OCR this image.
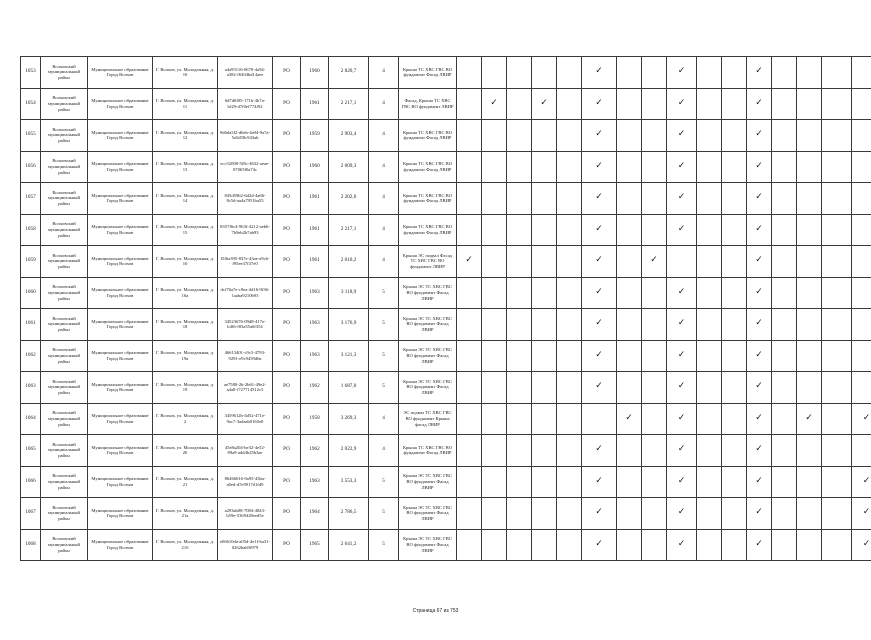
1053	Волховский муниципальный район	Муниципальное образование Город Волхов	Г. Волхов, ул. Молодежная, д. 10	a4a95116-0670-4a94-a382-f6304bd14aee	РО	1960	2 820,7	4	Крыша ТС ХВС ГВС ВО фундамент Фасад ЛВИР						✓			✓			✓				
1054	Волховский муниципальный район	Муниципальное образование Город Волхов	Г. Волхов, ул. Молодежная, д. 11	6d7d0f05-171b-4b7a-bf29-d7f0ef774f92	РО	1961	2 217,1	4	Фасад, Крыша ТС ХВС ГВС ВО фундамент ЛВИР		✓		✓		✓			✓			✓				
1055	Волховский муниципальный район	Муниципальное образование Город Волхов	Г. Волхов, ул. Молодежная, д. 12	9d6da5f2-d6eb-4a94-9a7a-5a5d58c943ab	РО	1959	2 903,4	4	Крыша ТС ХВС ГВС ВО фундамент Фасад ЛВИР						✓			✓			✓				
1056	Волховский муниципальный район	Муниципальное образование Город Волхов	Г. Волхов, ул. Молодежная, д. 13	ecc52098-5f8c-4632-aeae-07065f0a74c	РО	1960	2 009,3	4	Крыша ТС ХВС ГВС ВО фундамент Фасад ЛВИР						✓			✓			✓				
1057	Волховский муниципальный район	Муниципальное образование Город Волхов	Г. Волхов, ул. Молодежная, д. 14	845d59b2-6d2d-4a66-8c5d-aa4a7951ba55	РО	1961	2 202,0	4	Крыша ТС ХВС ГВС ВО фундамент Фасад ЛВИР						✓			✓			✓				
1058	Волховский муниципальный район	Муниципальное образование Город Волхов	Г. Волхов, ул. Молодежная, д. 15	8357f6c4-963f-4212-aeb6-7b9eb2b7ab93	РО	1961	2 217,1	4	Крыша ТС ХВС ГВС ВО фундамент Фасад ЛВИР						✓			✓			✓				
1059	Волховский муниципальный район	Муниципальное образование Город Волхов	Г. Волхов, ул. Молодежная, д. 16	f5f6a395-837e-43ae-a9cb-f95ee37f37e0	РО	1961	2 010,2	4	Крыша ЭС подвал Фасад ТС ХВС ГВС ВО фундамент ЛВИР	✓					✓		✓				✓				
1060	Волховский муниципальный район	Муниципальное образование Город Волхов	Г. Волхов, ул. Молодежная, д. 16а	dcf76a7e-c9ea-4d16-9f36-1aaba9210b93	РО	1963	3 118,9	5	Крыша ЭС ТС ХВС ГВС ВО фундамент Фасад ЛВИР						✓			✓			✓				
1061	Волховский муниципальный район	Муниципальное образование Город Волхов	Г. Волхов, ул. Молодежная, д. 18	34523676-09d8-417e-b4f6-f83a55a6f354	РО	1963	3 176,9	5	Крыша ЭС ТС ХВС ГВС ВО фундамент Фасад ЛВИР						✓			✓			✓				
1062	Волховский муниципальный район	Муниципальное образование Город Волхов	Г. Волхов, ул. Молодежная, д. 19а	46613401-c9c5-4793-9291-e9c9459d6a	РО	1963	3 121,3	5	Крыша ЭС ТС ХВС ГВС ВО фундамент Фасад ЛВИР						✓			✓			✓				
1063	Волховский муниципальный район	Муниципальное образование Город Волхов	Г. Волхов, ул. Молодежная, д. 19	ae7580-2b-2b61-49e2-a4a8-f727714512c5	РО	1962	1 687,0	5	Крыша ЭС ТС ХВС ГВС ВО фундамент Фасад ЛВИР						✓			✓			✓				
1064	Волховский муниципальный район	Муниципальное образование Город Волхов	Г. Волхов, ул. Молодежная, д. 2	3459612b-4d52-471e-9ac7-3adaab9165e0	РО	1958	3 269,3	4	ЭС подвал ТС ХВС ГВС ВО фундамент Крыша фасад ЛВИР							✓		✓			✓		✓		✓
1065	Волховский муниципальный район	Муниципальное образование Город Волхов	Г. Волхов, ул. Молодежная, д. 20	45e8a204-be32-4e52-89a9-add4b25b3ae	РО	1962	2 022,9	4	Крыша ТС ХВС ГВС ВО фундамент Фасад ЛВИР						✓			✓			✓				
1066	Волховский муниципальный район	Муниципальное образование Город Волхов	Г. Волхов, ул. Молодежная, д. 21	86466616-0a95-43ba-a0ed-d7e9917d1fd9	РО	1963	3 553,3	5	Крыша ЭС ТС ХВС ГВС ВО фундамент Фасад ЛВИР						✓			✓			✓				✓
1067	Волховский муниципальный район	Муниципальное образование Город Волхов	Г. Волхов, ул. Молодежная, д. 21а	a293ab08-7084-4843-b59e-5369449eed5e	РО	1964	2 786,5	5	Крыша ЭС ТС ХВС ГВС ВО фундамент Фасад ЛВИР						✓			✓			✓				✓
1068	Волховский муниципальный район	Муниципальное образование Город Волхов	Г. Волхов, ул. Молодежная, д. 21б	e06610da-a05d-4e1f-ba31-0262bab9f979	РО	1965	2 641,2	5	Крыша ЭС ТС ХВС ГВС ВО фундамент Фасад ЛВИР						✓			✓			✓				✓
Страница 67 из 753
